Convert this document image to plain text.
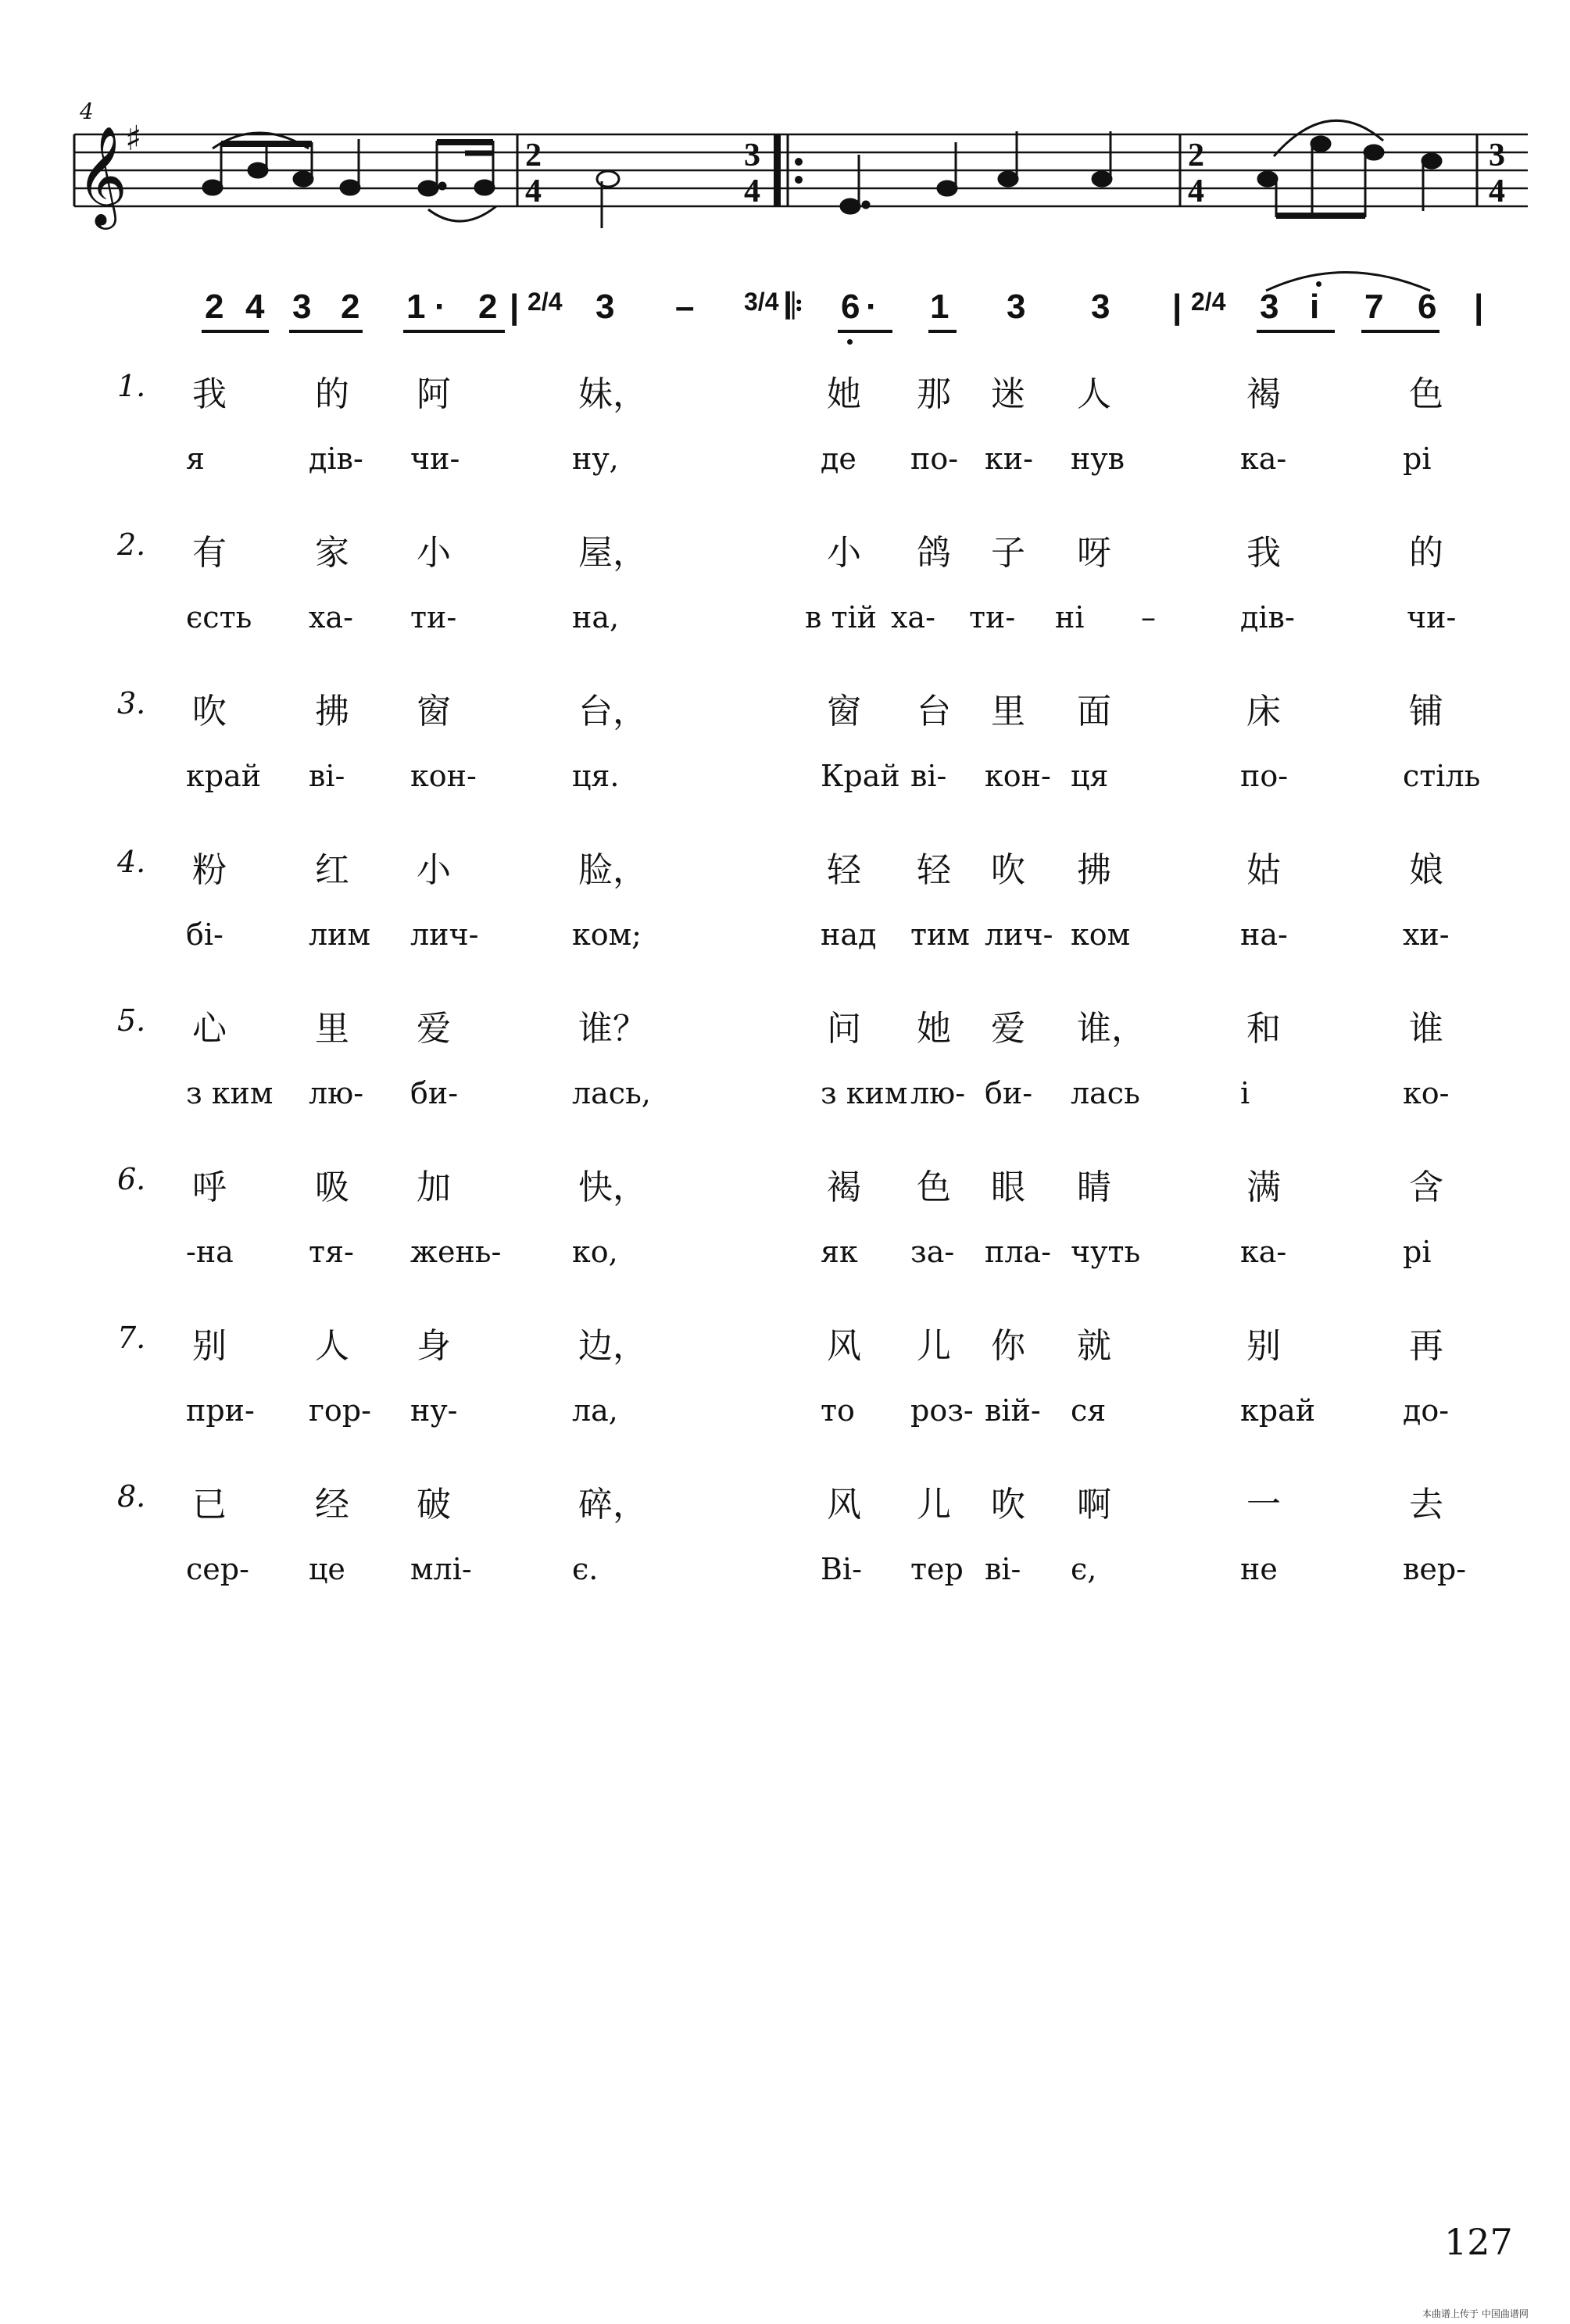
𝄞
♯	2
4
3
4
2
4
3
4
4
2 4 3 2 1 · 2 | 2/4 3 – 3/4 𝄆 6 · 1 3 3 | 2/4 3 i 7 6 |
1. 我	的 阿	妹，	她 那 迷 人	褐	色
я	дів- чи-	ну,	де по- ки- нув	ка-	рі
2. 有	家 小	屋，	小 鸽 子 呀	我	的
єсть ха- ти-	на,	в тій ха- ти- ні –	дів-	чи-
3. 吹	拂 窗	台，	窗 台 里 面	床	铺
край ві- кон-	ця.	Край ві- кон- ця	по-	стіль
4. 粉	红 小	脸，	轻 轻 吹 拂	姑	娘
бі-	лим лич-	ком;	над тим лич- ком	на-	хи-
5. 心	里 爱	谁？	问 她 爱 谁，	和	谁
з ким лю- би-	лась,	з ким лю- би- лась	і	ко-
6. 呼	吸 加	快，	褐 色 眼 睛	满	含
-на	тя- жень- ко,	як за- пла- чуть	ка-	рі
7. 别	人 身	边，	风 儿 你 就	别	再
при- гор- ну-	ла,	то роз- вій- ся	край	до-
8. 已	经 破	碎，	风 儿 吹 啊	一	去
сер- це млі-	є.	Ві- тер ві- є,	не	вер-
127
本曲谱上传于 中国曲谱网
